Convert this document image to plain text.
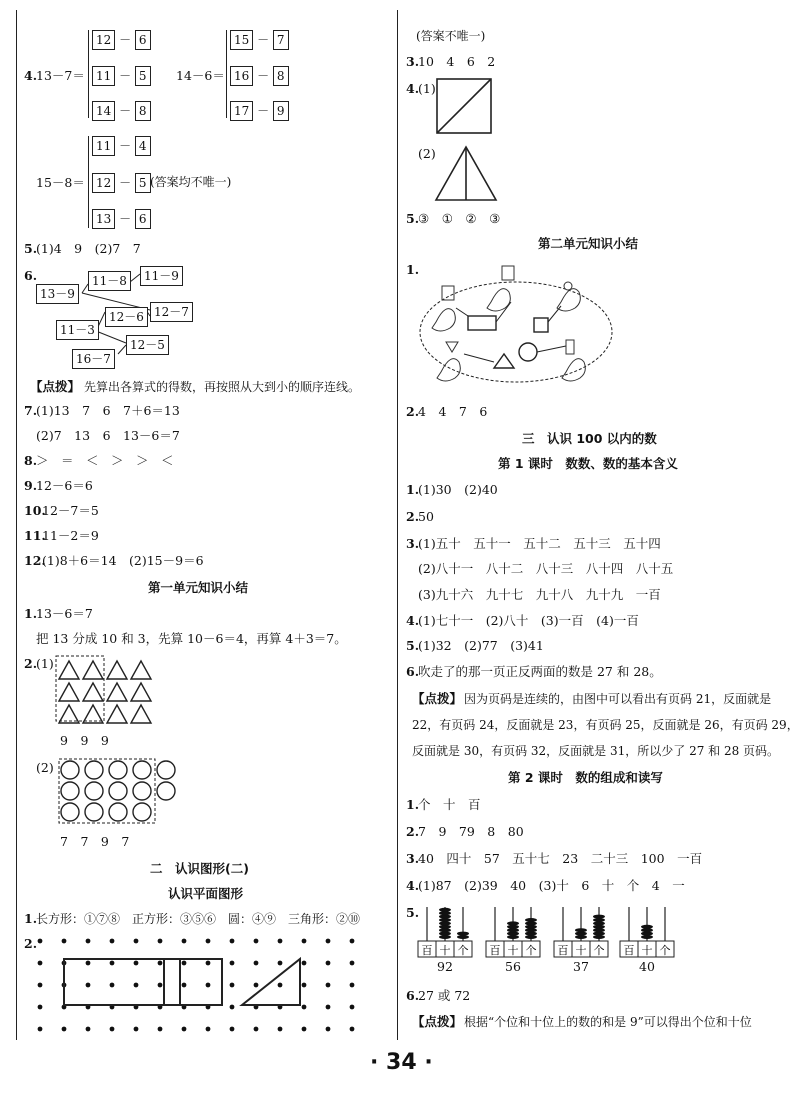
4.
13－7＝
12 － 6
11 － 5
14 － 8
14－6＝
15 － 7
16 － 8
17 － 9
15－8＝
11 － 4
12 － 5
13 － 6
(答案均不唯一)
5.
(1)4　9　(2)7　7
6.	11－8	11－9
13－9
12－6 12－7
11－3
12－5
16－7
【点拨】 先算出各算式的得数，再按照从大到小的顺序连线。
7.
(1)13　7　6　7＋6＝13
(2)7　13　6　13－6＝7
8.
＞　＝　＜　＞　＞　＜
9.
12－6＝6
10.
12－7＝5
11.
11－2＝9
12.
(1)8＋6＝14　(2)15－9＝6
第一单元知识小结
1.
13－6＝7
把 13 分成 10 和 3，先算 10－6＝4，再算 4＋3＝7。
2.
(1)
9　9　9
(2)
7　7　9　7
二　认识图形(二)
认识平面图形
1.
长方形：①⑦⑧　正方形：③⑤⑥　圆：④⑨　三角形：②⑩
2.
(答案不唯一)
3.
10　4　6　2
4.
(1)
(2)
5.
③　①　②　③
第二单元知识小结
1.
2.
4　4　7　6
三　认识 100 以内的数
第 1 课时　数数、数的基本含义
1.
(1)30　(2)40
2.
50
3.
(1)五十　五十一　五十二　五十三　五十四
(2)八十一　八十二　八十三　八十四　八十五
(3)九十六　九十七　九十八　九十九　一百
4.
(1)七十一　(2)八十　(3)一百　(4)一百
5.
(1)32　(2)77　(3)41
6.
吹走了的那一页正反两面的数是 27 和 28。
【点拨】 因为页码是连续的，由图中可以看出有页码 21，反面就是
22，有页码 24，反面就是 23，有页码 25，反面就是 26，有页码 29，
反面就是 30，有页码 32，反面就是 31，所以少了 27 和 28 页码。
第 2 课时　数的组成和读写
1.
个　十　百
2.
7　9　79　8　80
3.
40　四十　57　五十七　23　二十三　100　一百
4.
(1)87　(2)39　40　(3)十　6　十　个　4　一
5.
百 十 个
92
百 十 个
56
百 十 个
37
百 十 个
40
6.
27 或 72
【点拨】 根据“个位和十位上的数的和是 9”可以得出个位和十位
· 34 ·
